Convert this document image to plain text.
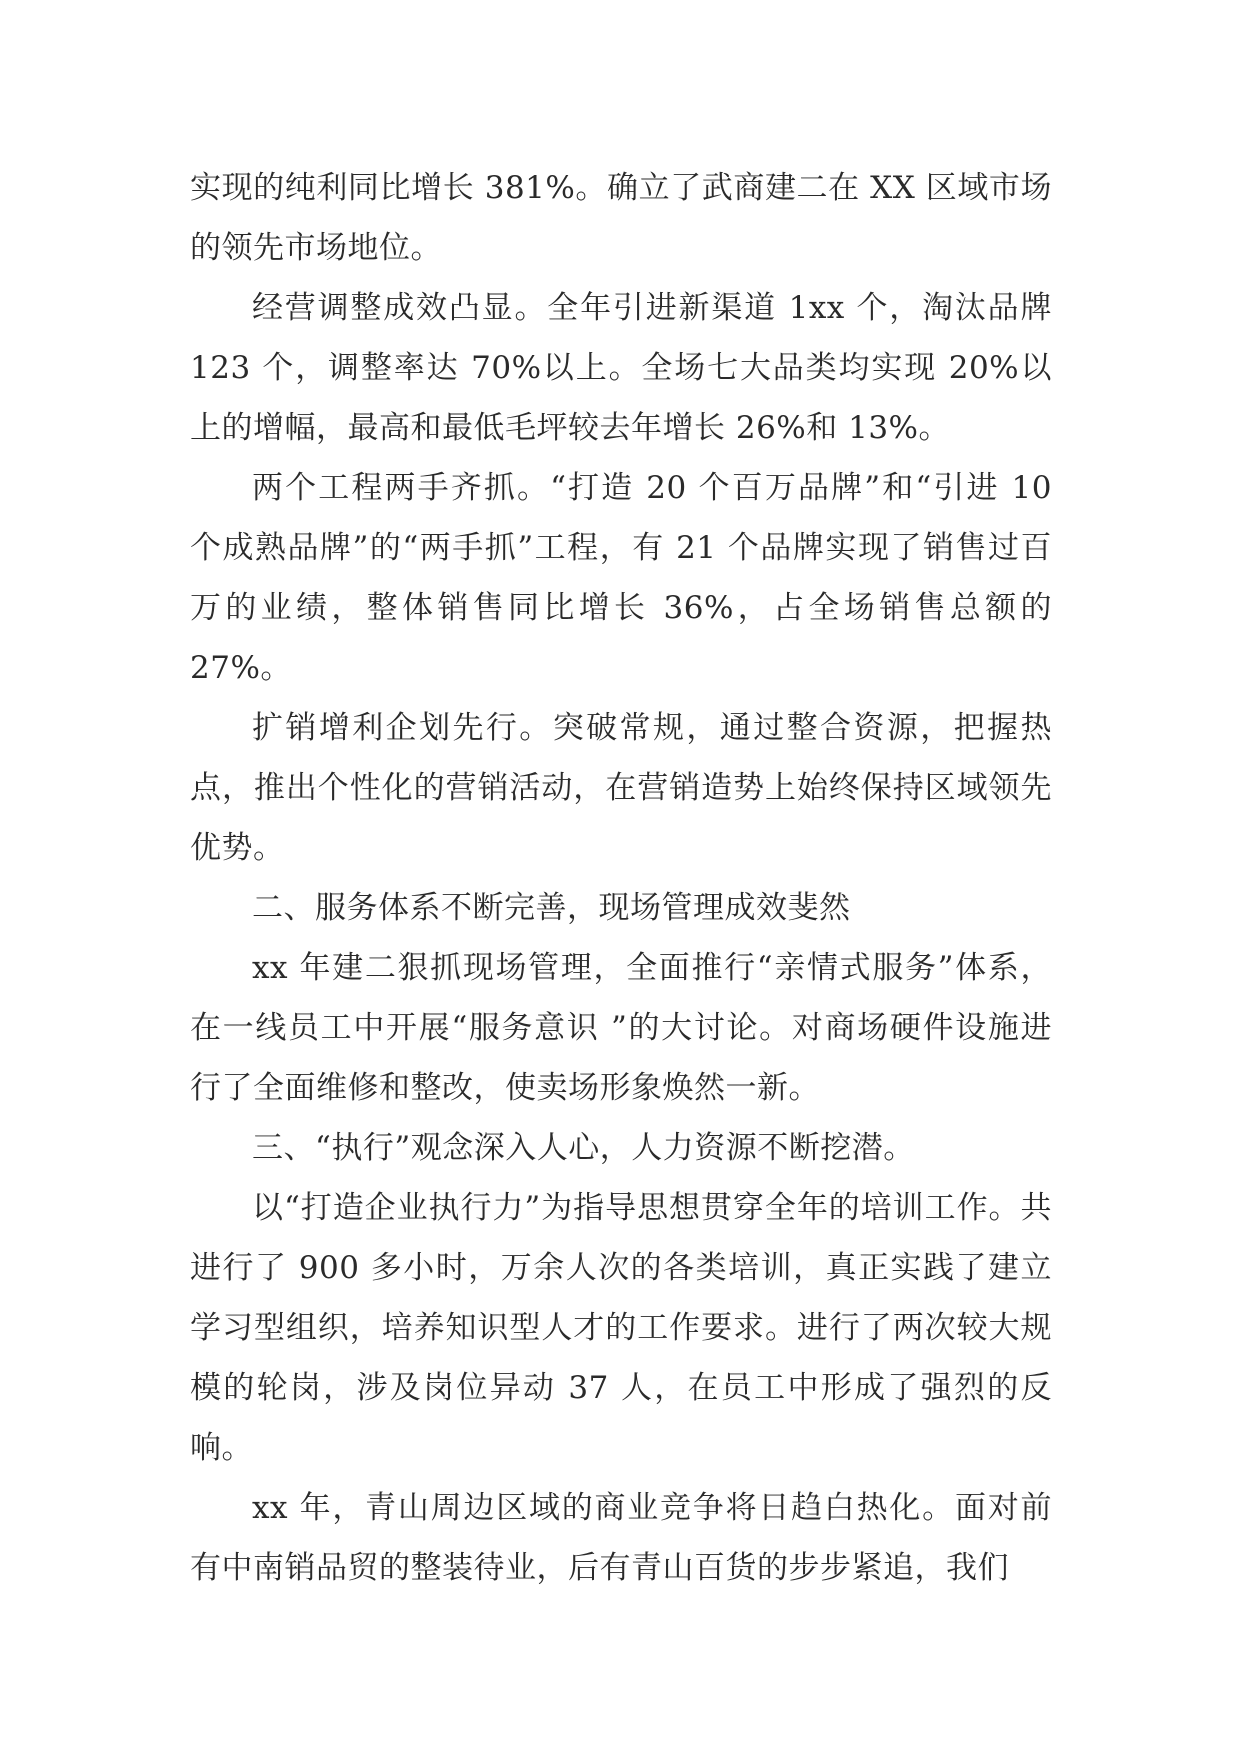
实现的纯利同比增长 381%。确立了武商建二在 XX 区域市场的领先市场地位。

经营调整成效凸显。全年引进新渠道 1xx 个，淘汰品牌 123 个，调整率达 70%以上。全场七大品类均实现 20%以上的增幅，最高和最低毛坪较去年增长 26%和 13%。

两个工程两手齐抓。“打造 20 个百万品牌”和“引进 10 个成熟品牌”的“两手抓”工程，有 21 个品牌实现了销售过百万的业绩，整体销售同比增长 36%，占全场销售总额的 27%。

扩销增利企划先行。突破常规，通过整合资源，把握热点，推出个性化的营销活动，在营销造势上始终保持区域领先优势。

二、服务体系不断完善，现场管理成效斐然

xx 年建二狠抓现场管理，全面推行“亲情式服务”体系，在一线员工中开展“服务意识 ”的大讨论。对商场硬件设施进行了全面维修和整改，使卖场形象焕然一新。

三、“执行”观念深入人心，人力资源不断挖潜。

以“打造企业执行力”为指导思想贯穿全年的培训工作。共进行了 900 多小时，万余人次的各类培训，真正实践了建立学习型组织，培养知识型人才的工作要求。进行了两次较大规模的轮岗，涉及岗位异动 37 人，在员工中形成了强烈的反响。

xx 年，青山周边区域的商业竞争将日趋白热化。面对前有中南销品贸的整装待业，后有青山百货的步步紧追，我们
